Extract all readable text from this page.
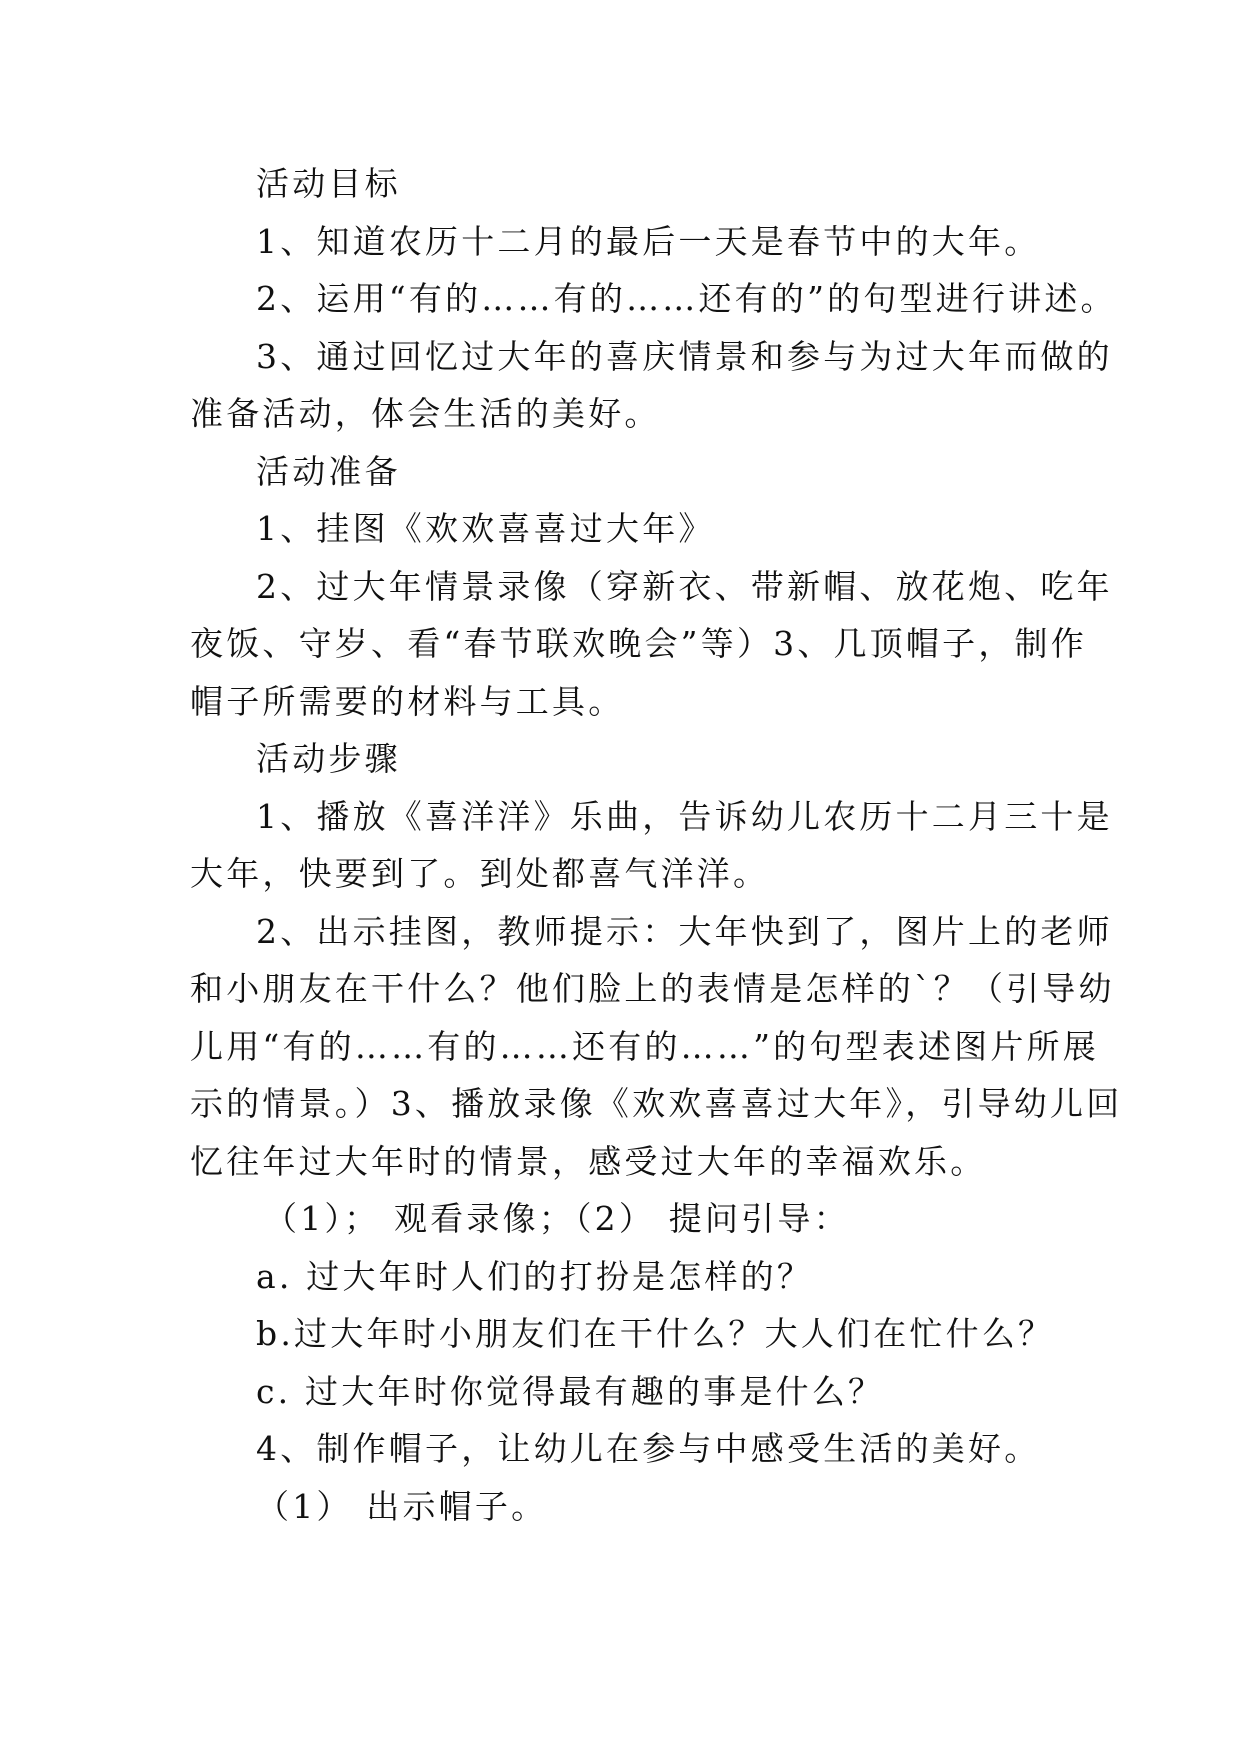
活动目标
1、知道农历十二月的最后一天是春节中的大年。
2、运用“有的……有的……还有的”的句型进行讲述。
3、通过回忆过大年的喜庆情景和参与为过大年而做的
准备活动，体会生活的美好。
活动准备
1、挂图《欢欢喜喜过大年》
2、过大年情景录像（穿新衣、带新帽、放花炮、吃年
夜饭、守岁、看“春节联欢晚会”等）3、几顶帽子，制作
帽子所需要的材料与工具。
活动步骤
1、播放《喜洋洋》乐曲，告诉幼儿农历十二月三十是
大年，快要到了。到处都喜气洋洋。
2、出示挂图，教师提示：大年快到了，图片上的老师
和小朋友在干什么？他们脸上的表情是怎样的`？（引导幼
儿用“有的……有的……还有的……”的句型表述图片所展
示的情景。）3、播放录像《欢欢喜喜过大年》，引导幼儿回
忆往年过大年时的情景，感受过大年的幸福欢乐。
（1）； 观看录像；（2） 提问引导：
a. 过大年时人们的打扮是怎样的？
b.过大年时小朋友们在干什么？大人们在忙什么？
c. 过大年时你觉得最有趣的事是什么？
4、制作帽子，让幼儿在参与中感受生活的美好。
（1） 出示帽子。
